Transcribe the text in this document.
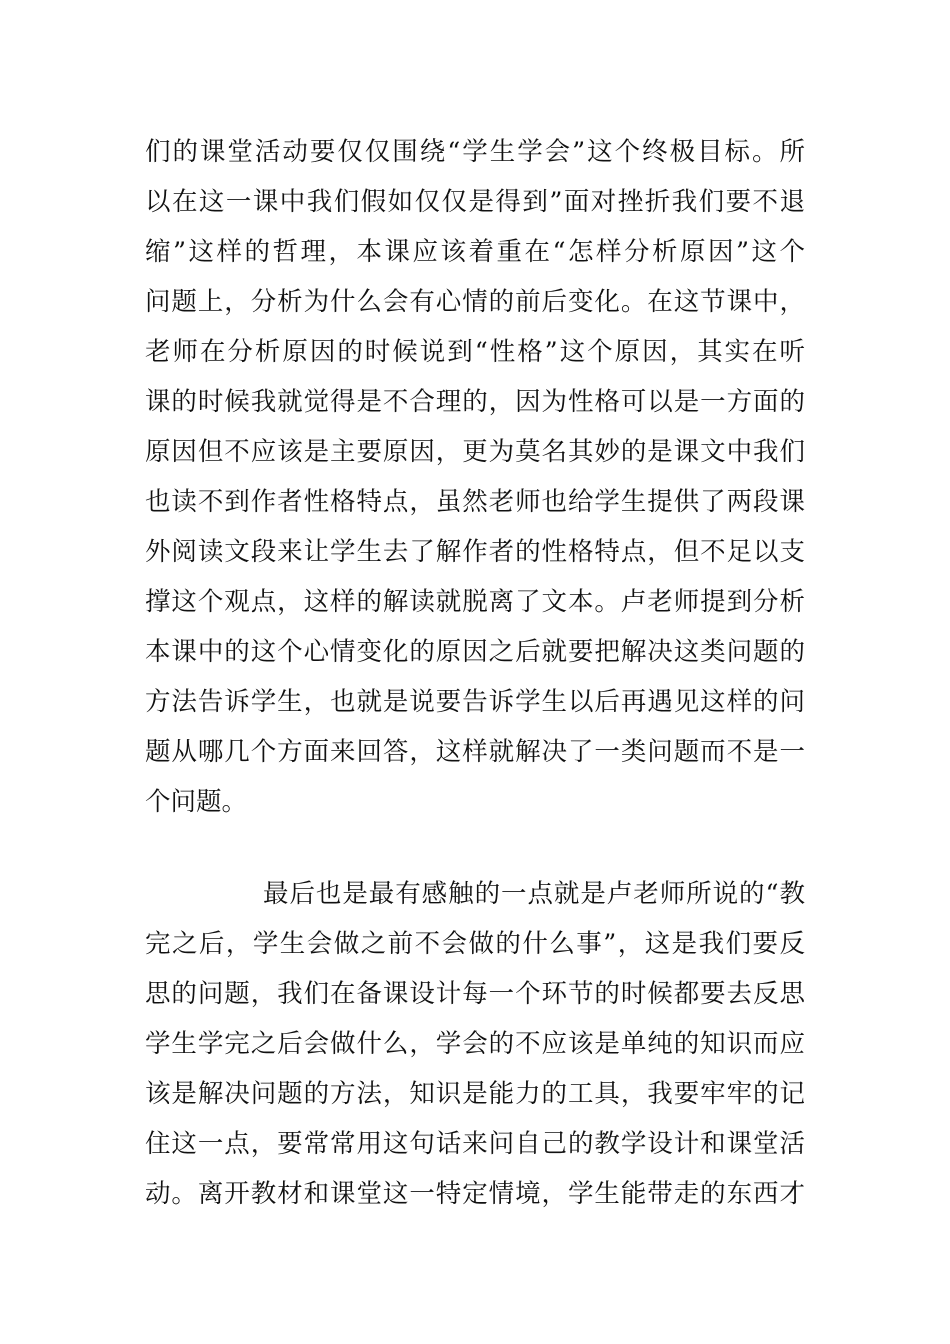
们的课堂活动要仅仅围绕“学生学会”这个终极目标。所
以在这一课中我们假如仅仅是得到”面对挫折我们要不退
缩”这样的哲理，本课应该着重在“怎样分析原因”这个
问题上，分析为什么会有心情的前后变化。在这节课中，
老师在分析原因的时候说到“性格”这个原因，其实在听
课的时候我就觉得是不合理的，因为性格可以是一方面的
原因但不应该是主要原因，更为莫名其妙的是课文中我们
也读不到作者性格特点，虽然老师也给学生提供了两段课
外阅读文段来让学生去了解作者的性格特点，但不足以支
撑这个观点，这样的解读就脱离了文本。卢老师提到分析
本课中的这个心情变化的原因之后就要把解决这类问题的
方法告诉学生，也就是说要告诉学生以后再遇见这样的问
题从哪几个方面来回答，这样就解决了一类问题而不是一
个问题。
最后也是最有感触的一点就是卢老师所说的“教
完之后，学生会做之前不会做的什么事”，这是我们要反
思的问题，我们在备课设计每一个环节的时候都要去反思
学生学完之后会做什么，学会的不应该是单纯的知识而应
该是解决问题的方法，知识是能力的工具，我要牢牢的记
住这一点，要常常用这句话来问自己的教学设计和课堂活
动。离开教材和课堂这一特定情境，学生能带走的东西才
